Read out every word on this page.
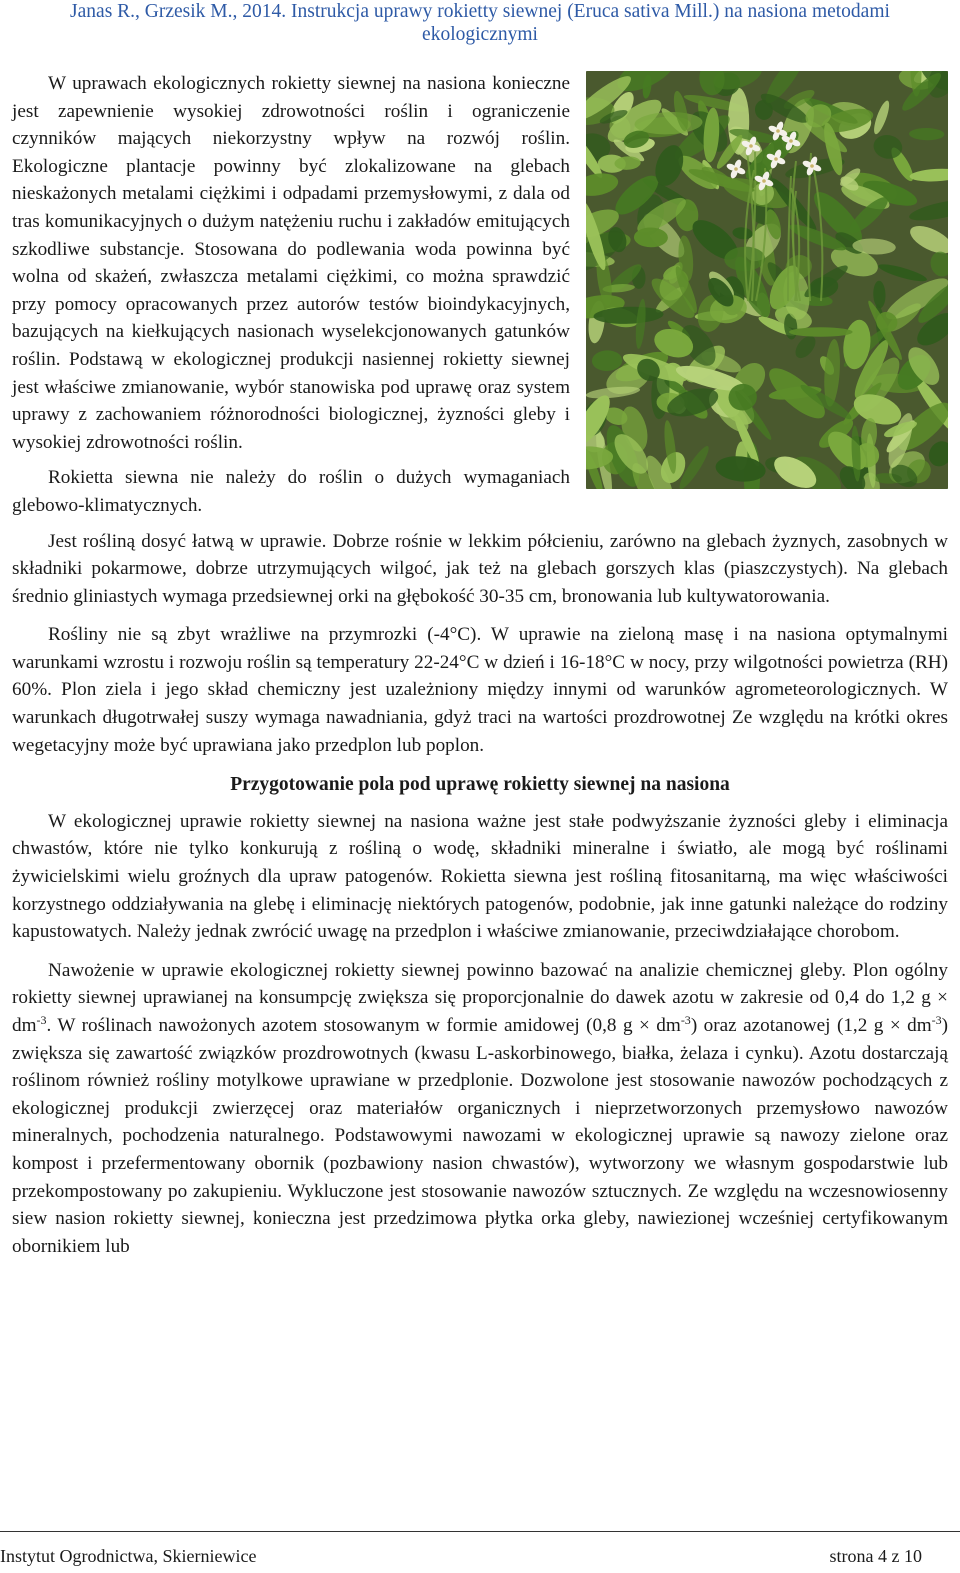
Janas R., Grzesik M., 2014. Instrukcja uprawy rokietty siewnej (Eruca sativa Mill.) na nasiona metodami
ekologicznymi

W uprawach ekologicznych rokietty siewnej na nasiona konieczne jest zapewnienie wysokiej zdrowotności roślin i ograniczenie czynników mających niekorzystny wpływ na rozwój roślin. Ekologiczne plantacje powinny być zlokalizowane na glebach nieskażonych metalami ciężkimi i odpadami przemysłowymi, z dala od tras komunikacyjnych o dużym natężeniu ruchu i zakładów emitujących szkodliwe substancje. Stosowana do podlewania woda powinna być wolna od skażeń, zwłaszcza metalami ciężkimi, co można sprawdzić przy pomocy opracowanych przez autorów testów bioindykacyjnych, bazujących na kiełkujących nasionach wyselekcjonowanych gatunków roślin. Podstawą w ekologicznej produkcji nasiennej rokietty siewnej jest właściwe zmianowanie, wybór stanowiska pod uprawę oraz system uprawy z zachowaniem różnorodności biologicznej, żyzności gleby i wysokiej zdrowotności roślin.

Rokietta siewna nie należy do roślin o dużych wymaganiach glebowo-klimatycznych.

Jest rośliną dosyć łatwą w uprawie. Dobrze rośnie w lekkim półcieniu, zarówno na glebach żyznych, zasobnych w składniki pokarmowe, dobrze utrzymujących wilgoć, jak też na glebach gorszych klas (piaszczystych). Na glebach średnio gliniastych wymaga przedsiewnej orki na głębokość 30-35 cm, bronowania lub kultywatorowania.

Rośliny nie są zbyt wrażliwe na przymrozki (-4°C). W uprawie na zieloną masę i na nasiona optymalnymi warunkami wzrostu i rozwoju roślin są temperatury 22-24°C w dzień i 16-18°C w nocy, przy wilgotności powietrza (RH) 60%. Plon ziela i jego skład chemiczny jest uzależniony między innymi od warunków agrometeorologicznych. W warunkach długotrwałej suszy wymaga nawadniania, gdyż traci na wartości prozdrowotnej Ze względu na krótki okres wegetacyjny może być uprawiana jako przedplon lub poplon.

Przygotowanie pola pod uprawę rokietty siewnej na nasiona

W ekologicznej uprawie rokietty siewnej na nasiona ważne jest stałe podwyższanie żyzności gleby i eliminacja chwastów, które nie tylko konkurują z rośliną o wodę, składniki mineralne i światło, ale mogą być roślinami żywicielskimi wielu groźnych dla upraw patogenów. Rokietta siewna jest rośliną fitosanitarną, ma więc właściwości korzystnego oddziaływania na glebę i eliminację niektórych patogenów, podobnie, jak inne gatunki należące do rodziny kapustowatych. Należy jednak zwrócić uwagę na przedplon i właściwe zmianowanie, przeciwdziałające chorobom.

Nawożenie w uprawie ekologicznej rokietty siewnej powinno bazować na analizie chemicznej gleby. Plon ogólny rokietty siewnej uprawianej na konsumpcję zwiększa się proporcjonalnie do dawek azotu w zakresie od 0,4 do 1,2 $g \times dm^{-3}$. W roślinach nawożonych azotem stosowanym w formie amidowej (0,8 $g \times dm^{-3}$) oraz azotanowej (1,2 $g \times dm^{-3}$) zwiększa się zawartość związków prozdrowotnych (kwasu L-askorbinowego, białka, żelaza i cynku). Azotu dostarczają roślinom również rośliny motylkowe uprawiane w przedplonie. Dozwolone jest stosowanie nawozów pochodzących z ekologicznej produkcji zwierzęcej oraz materiałów organicznych i nieprzetworzonych przemysłowo nawozów mineralnych, pochodzenia naturalnego. Podstawowymi nawozami w ekologicznej uprawie są nawozy zielone oraz kompost i przefermentowany obornik (pozbawiony nasion chwastów), wytworzony we własnym gospodarstwie lub przekompostowany po zakupieniu. Wykluczone jest stosowanie nawozów sztucznych. Ze względu na wczesnowiosenny siew nasion rokietty siewnej, konieczna jest przedzimowa płytka orka gleby, nawiezionej wcześniej certyfikowanym obornikiem lub

Instytut Ogrodnictwa, Skierniewice	strona 4 z 10
